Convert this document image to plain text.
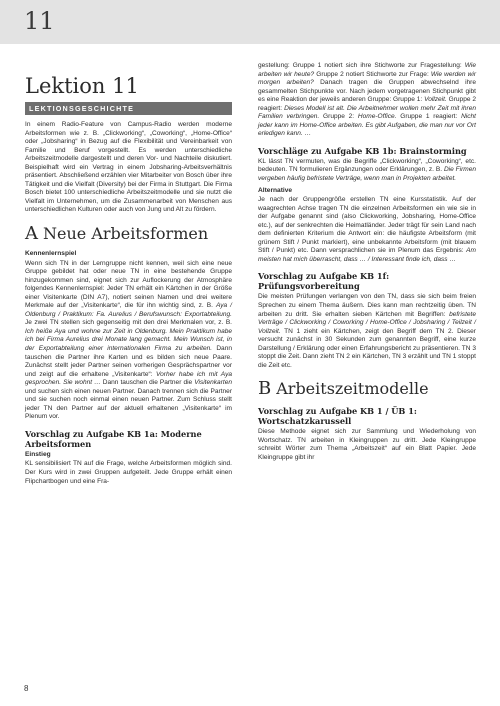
11
Lektion 11
LEKTIONSGESCHICHTE

In einem Radio-Feature von Campus-Radio werden moderne Arbeitsformen wie z. B. „Clickworking“, „Coworking“, „Home-Office“ oder „Jobsharing“ in Bezug auf die Flexibilität und Vereinbarkeit von Familie und Beruf vorgestellt. Es werden unterschiedliche Arbeitszeitmodelle dargestellt und deren Vor- und Nachteile diskutiert. Beispielhaft wird ein Vertrag in einem Jobsharing-Arbeitsverhältnis präsentiert. Abschließend erzählen vier Mitarbeiter von Bosch über ihre Tätigkeit und die Vielfalt (Diversity) bei der Firma in Stuttgart. Die Firma Bosch bietet 100 unterschiedliche Arbeitszeitmodelle und sie nutzt die Vielfalt im Unternehmen, um die Zusammenarbeit von Menschen aus unterschiedlichen Kulturen oder auch von Jung und Alt zu fördern.

A Neue Arbeitsformen
Kennenlernspiel

Wenn sich TN in der Lerngruppe nicht kennen, weil sich eine neue Gruppe gebildet hat oder neue TN in eine bestehende Gruppe hinzugekommen sind, eignet sich zur Auflockerung der Atmosphäre folgendes Kennenlernspiel: Jeder TN erhält ein Kärtchen in der Größe einer Visitenkarte (DIN A7), notiert seinen Namen und drei weitere Merkmale auf der „Visitenkarte“, die für ihn wichtig sind, z. B. Aya / Oldenburg / Praktikum: Fa. Aurelius / Berufswunsch: Exportabteilung. Je zwei TN stellen sich gegenseitig mit den drei Merkmalen vor, z. B. Ich heiße Aya und wohne zur Zeit in Oldenburg. Mein Praktikum habe ich bei Firma Aurelius drei Monate lang gemacht. Mein Wunsch ist, in der Exportabteilung einer internationalen Firma zu arbeiten. Dann tauschen die Partner ihre Karten und es bilden sich neue Paare. Zunächst stellt jeder Partner seinen vorherigen Gesprächspartner vor und zeigt auf die erhaltene „Visitenkarte“: Vorher habe ich mit Aya gesprochen. Sie wohnt … Dann tauschen die Partner die Visitenkarten und suchen sich einen neuen Partner. Danach trennen sich die Partner und sie suchen noch einmal einen neuen Partner. Zum Schluss stellt jeder TN den Partner auf der aktuell erhaltenen „Visitenkarte“ im Plenum vor.

Vorschlag zu Aufgabe KB 1a: Moderne Arbeitsformen
Einstieg

KL sensibilisiert TN auf die Frage, welche Arbeitsformen möglich sind. Der Kurs wird in zwei Gruppen aufgeteilt. Jede Gruppe erhält einen Flipchartbogen und eine Fra-

gestellung: Gruppe 1 notiert sich ihre Stichworte zur Fragestellung: Wie arbeiten wir heute? Gruppe 2 notiert Stichworte zur Frage: Wie werden wir morgen arbeiten? Danach tragen die Gruppen abwechselnd ihre gesammelten Stichpunkte vor. Nach jedem vorgetragenen Stichpunkt gibt es eine Reaktion der jeweils anderen Gruppe: Gruppe 1: Vollzeit. Gruppe 2 reagiert: Dieses Modell ist alt. Die Arbeitnehmer wollen mehr Zeit mit ihren Familien verbringen. Gruppe 2: Home-Office. Gruppe 1 reagiert: Nicht jeder kann im Home-Office arbeiten. Es gibt Aufgaben, die man nur vor Ort erledigen kann. …

Vorschläge zu Aufgabe KB 1b: Brainstorming

KL lässt TN vermuten, was die Begriffe „Clickworking“, „Coworking“, etc. bedeuten. TN formulieren Ergänzungen oder Erklärungen, z. B. Die Firmen vergeben häufig befristete Verträge, wenn man in Projekten arbeitet.

Alternative

Je nach der Gruppengröße erstellen TN eine Kursstatistik. Auf der waagrechten Achse tragen TN die einzelnen Arbeitsformen ein wie sie in der Aufgabe genannt sind (also Clickworking, Jobsharing, Home-Office etc.), auf der senkrechten die Heimatländer. Jeder trägt für sein Land nach dem definierten Kriterium die Antwort ein: die häufigste Arbeitsform (mit grünem Stift / Punkt markiert), eine unbekannte Arbeitsform (mit blauem Stift / Punkt) etc. Dann versprachlichen sie im Plenum das Ergebnis: Am meisten hat mich überrascht, dass … / Interessant finde ich, dass …

Vorschlag zu Aufgabe KB 1f: Prüfungsvorbereitung

Die meisten Prüfungen verlangen von den TN, dass sie sich beim freien Sprechen zu einem Thema äußern. Dies kann man rechtzeitig üben. TN arbeiten zu dritt. Sie erhalten sieben Kärtchen mit Begriffen: befristete Verträge / Clickworking / Coworking / Home-Office / Jobsharing / Teilzeit / Vollzeit. TN 1 zieht ein Kärtchen, zeigt den Begriff dem TN 2. Dieser versucht zunächst in 30 Sekunden zum genannten Begriff, eine kurze Darstellung / Erklärung oder einen Erfahrungsbericht zu präsentieren. TN 3 stoppt die Zeit. Dann zieht TN 2 ein Kärtchen, TN 3 erzählt und TN 1 stoppt die Zeit etc.

B Arbeitszeitmodelle
Vorschlag zu Aufgabe KB 1 / ÜB 1: Wortschatzkarussell

Diese Methode eignet sich zur Sammlung und Wiederholung von Wortschatz. TN arbeiten in Kleingruppen zu dritt. Jede Kleingruppe schreibt Wörter zum Thema „Arbeitszeit“ auf ein Blatt Papier. Jede Kleingruppe gibt ihr

8
